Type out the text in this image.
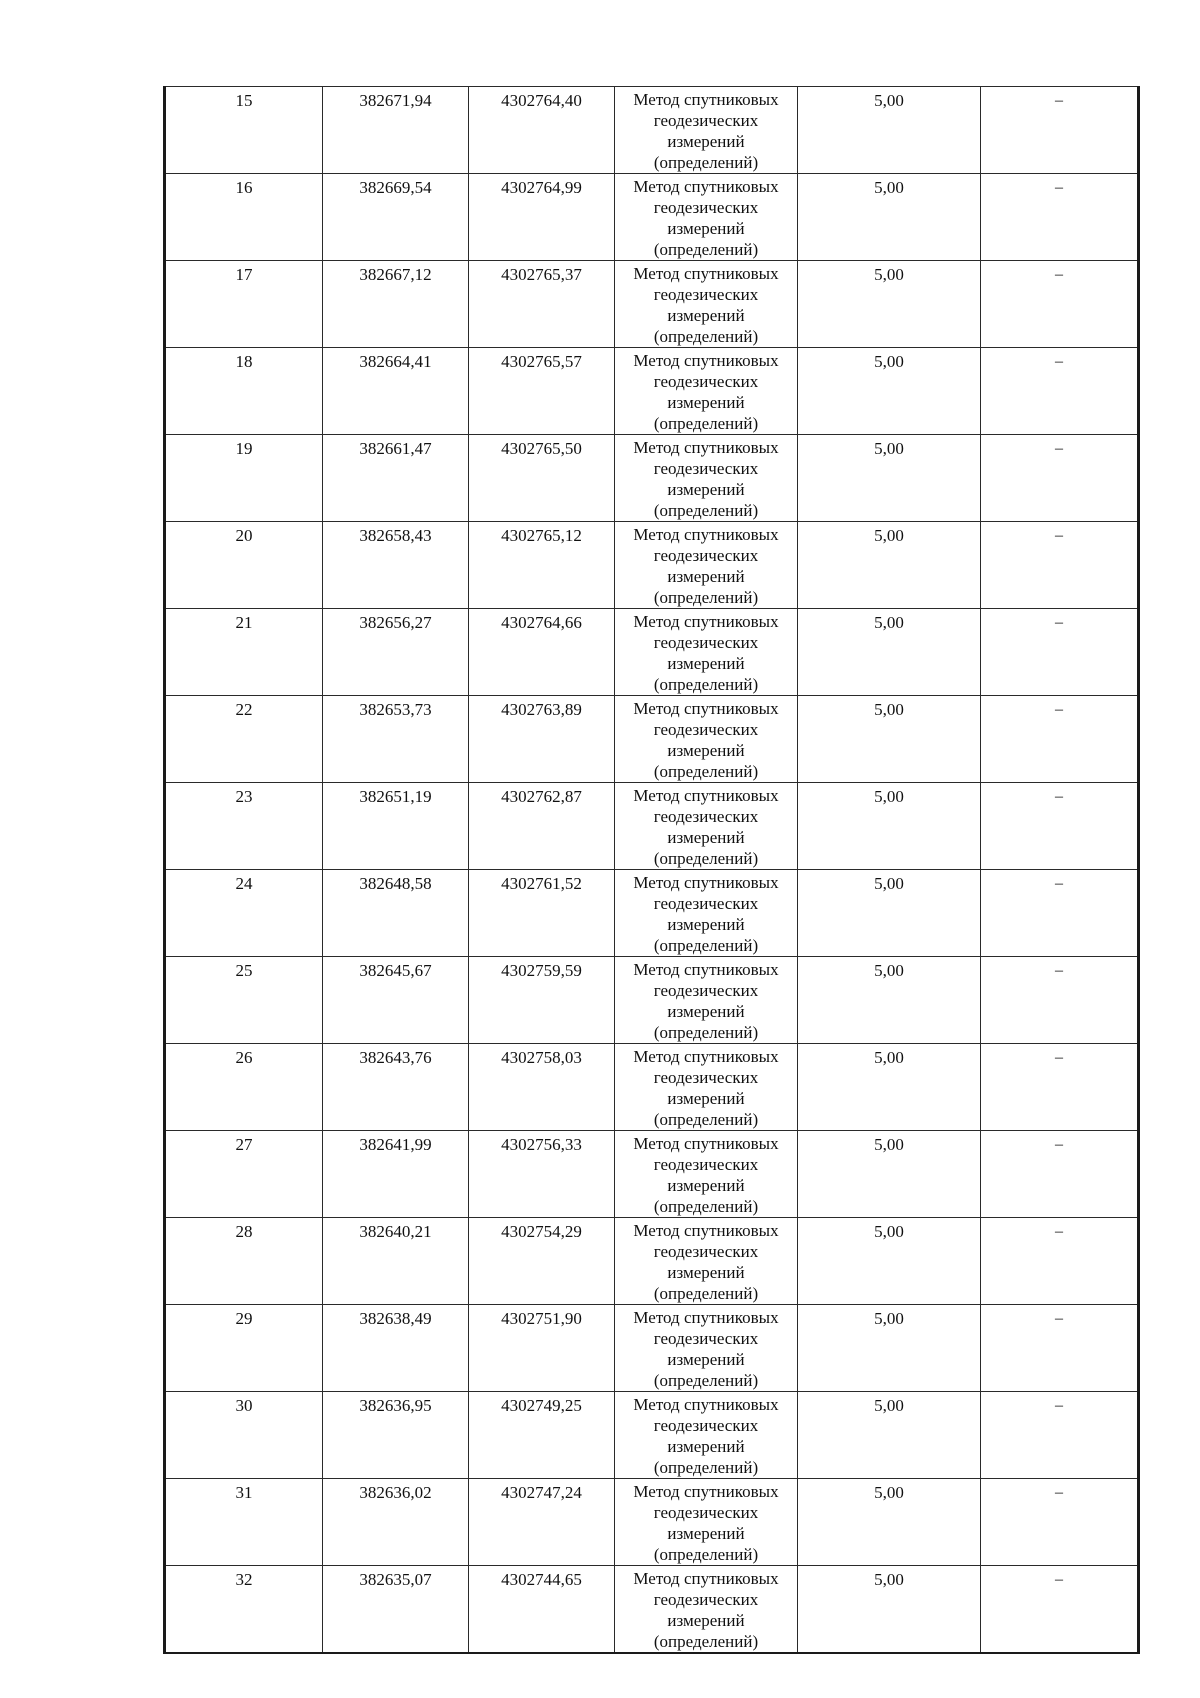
15	382671,94	4302764,40	Метод спутниковых геодезических измерений (определений)	5,00	–
16	382669,54	4302764,99	Метод спутниковых геодезических измерений (определений)	5,00	–
17	382667,12	4302765,37	Метод спутниковых геодезических измерений (определений)	5,00	–
18	382664,41	4302765,57	Метод спутниковых геодезических измерений (определений)	5,00	–
19	382661,47	4302765,50	Метод спутниковых геодезических измерений (определений)	5,00	–
20	382658,43	4302765,12	Метод спутниковых геодезических измерений (определений)	5,00	–
21	382656,27	4302764,66	Метод спутниковых геодезических измерений (определений)	5,00	–
22	382653,73	4302763,89	Метод спутниковых геодезических измерений (определений)	5,00	–
23	382651,19	4302762,87	Метод спутниковых геодезических измерений (определений)	5,00	–
24	382648,58	4302761,52	Метод спутниковых геодезических измерений (определений)	5,00	–
25	382645,67	4302759,59	Метод спутниковых геодезических измерений (определений)	5,00	–
26	382643,76	4302758,03	Метод спутниковых геодезических измерений (определений)	5,00	–
27	382641,99	4302756,33	Метод спутниковых геодезических измерений (определений)	5,00	–
28	382640,21	4302754,29	Метод спутниковых геодезических измерений (определений)	5,00	–
29	382638,49	4302751,90	Метод спутниковых геодезических измерений (определений)	5,00	–
30	382636,95	4302749,25	Метод спутниковых геодезических измерений (определений)	5,00	–
31	382636,02	4302747,24	Метод спутниковых геодезических измерений (определений)	5,00	–
32	382635,07	4302744,65	Метод спутниковых геодезических измерений (определений)	5,00	–
